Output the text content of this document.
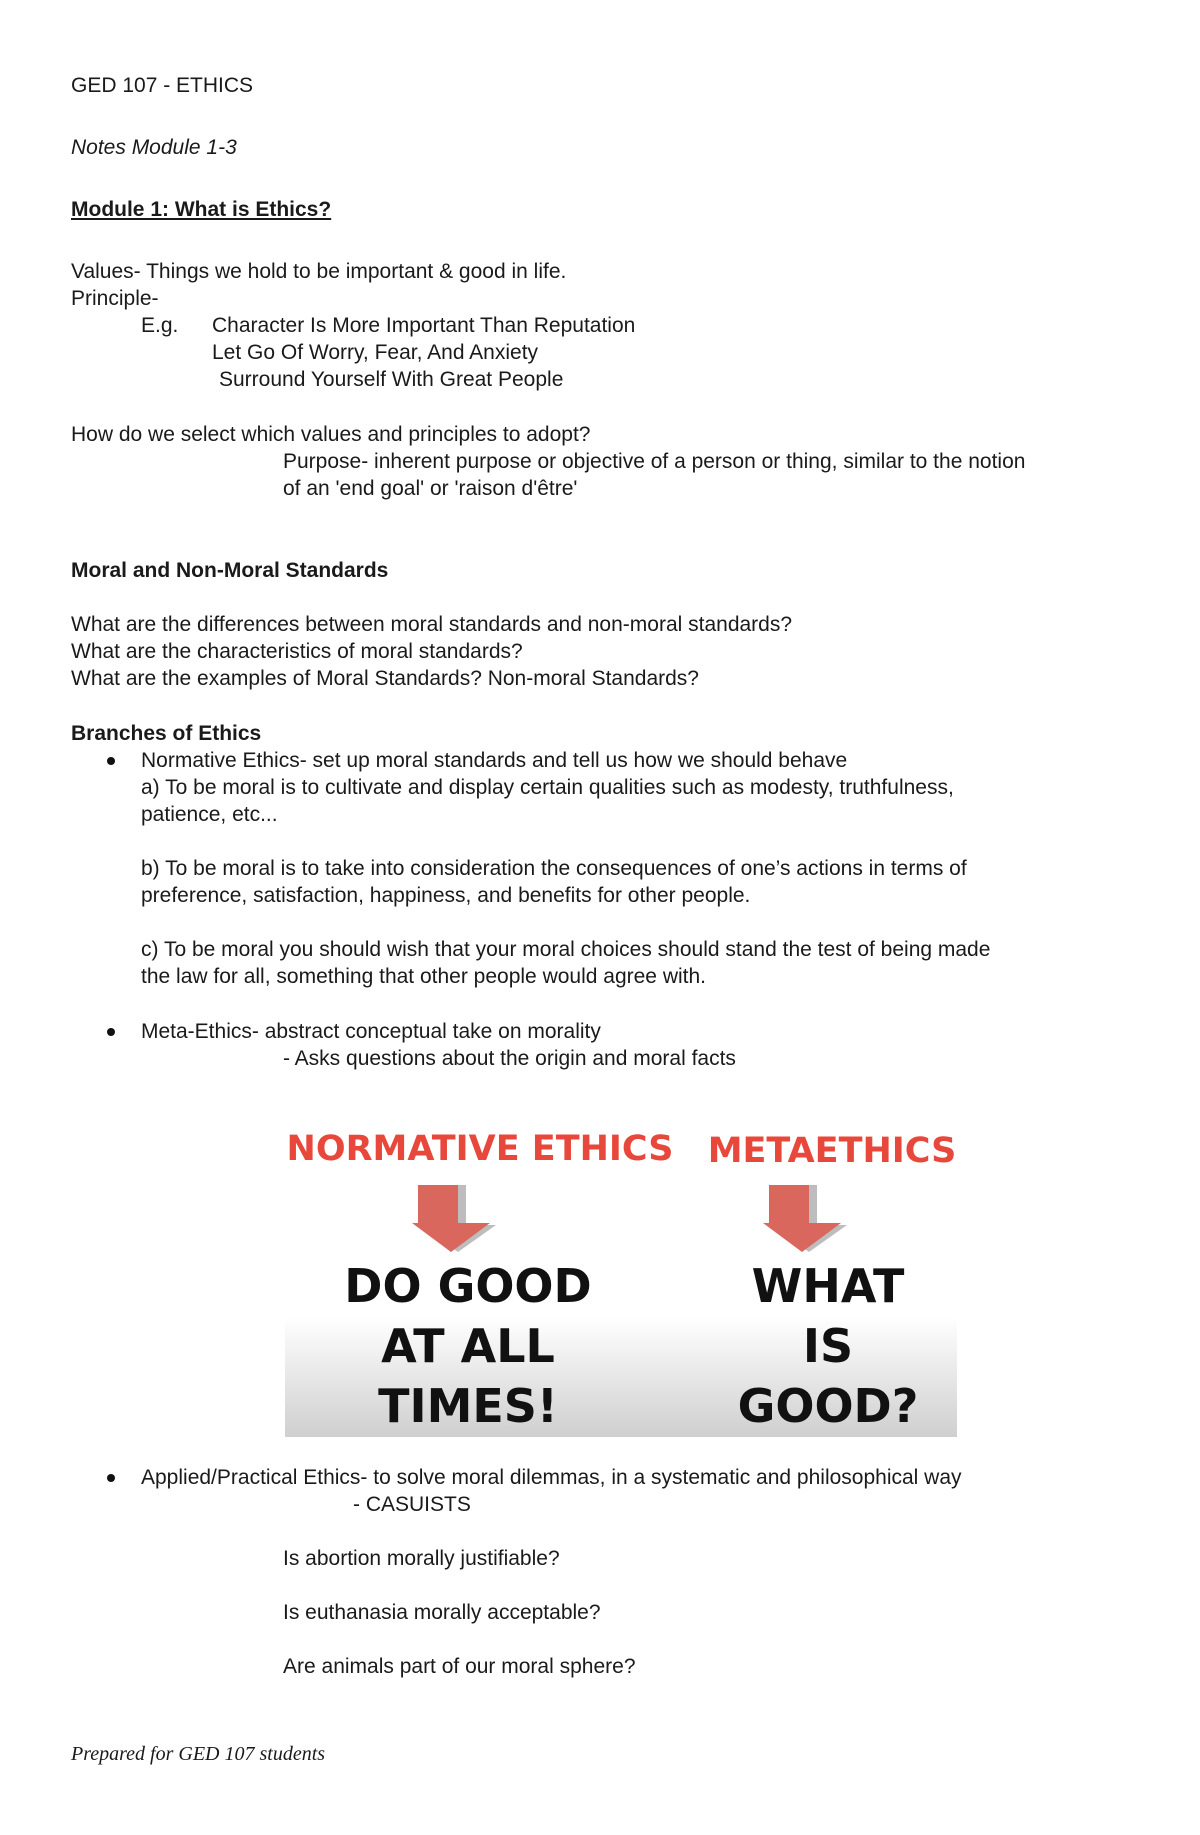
GED 107 - ETHICS
Notes Module 1-3
Module 1: What is Ethics?
Values- Things we hold to be important & good in life.
Principle-
E.g. Character Is More Important Than Reputation
Let Go Of Worry, Fear, And Anxiety
Surround Yourself With Great People
How do we select which values and principles to adopt?
Purpose- inherent purpose or objective of a person or thing, similar to the notion
of an 'end goal' or 'raison d'être'
Moral and Non-Moral Standards
What are the differences between moral standards and non-moral standards?
What are the characteristics of moral standards?
What are the examples of Moral Standards? Non-moral Standards?
Branches of Ethics
Normative Ethics- set up moral standards and tell us how we should behave
a) To be moral is to cultivate and display certain qualities such as modesty, truthfulness,
patience, etc...
b) To be moral is to take into consideration the consequences of one’s actions in terms of
preference, satisfaction, happiness, and benefits for other people.
c) To be moral you should wish that your moral choices should stand the test of being made
the law for all, something that other people would agree with.
Meta-Ethics- abstract conceptual take on morality
- Asks questions about the origin and moral facts
NORMATIVE ETHICS METAETHICS
DO GOOD
AT ALL
TIMES!
WHAT
IS
GOOD?
Applied/Practical Ethics- to solve moral dilemmas, in a systematic and philosophical way
- CASUISTS
Is abortion morally justifiable?
Is euthanasia morally acceptable?
Are animals part of our moral sphere?
Prepared for GED 107 students
